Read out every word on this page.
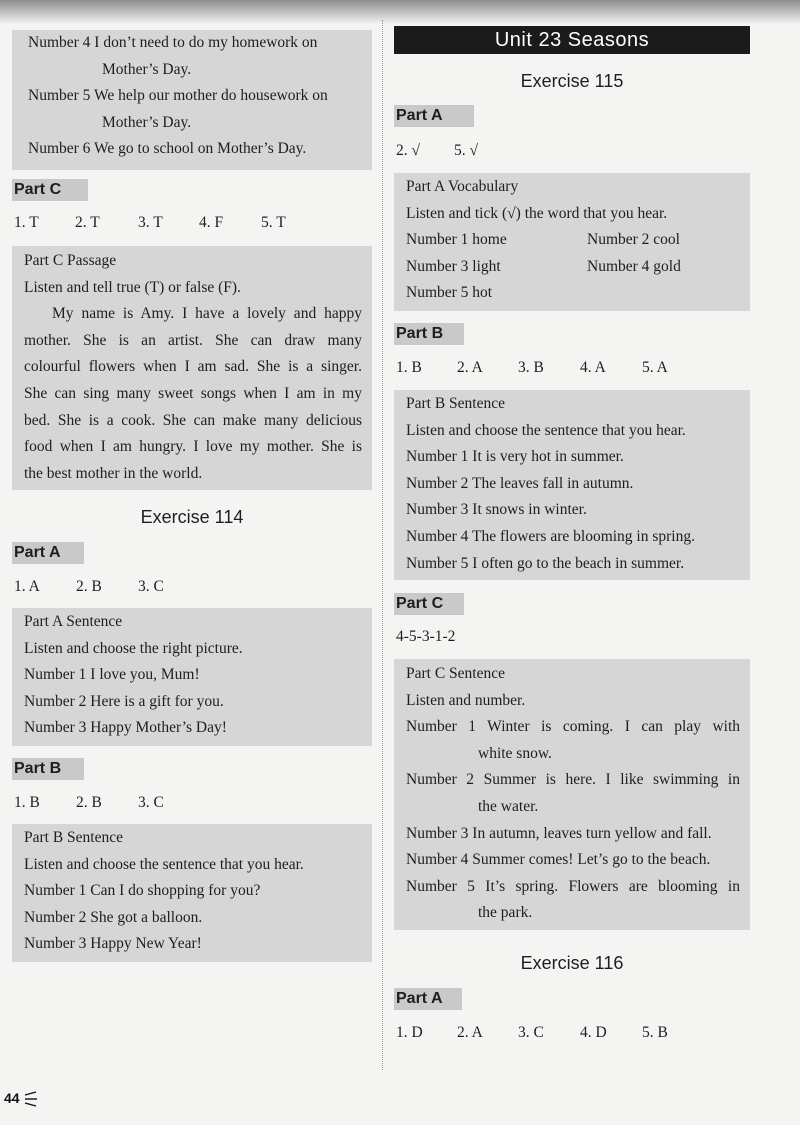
Number 4 I don’t need to do my homework on
Mother’s Day.
Number 5 We help our mother do housework on
Mother’s Day.
Number 6 We go to school on Mother’s Day.
Part C
1. T 2. T 3. T 4. F 5. T
Part C Passage
Listen and tell true (T) or false (F).
My name is Amy. I have a lovely and happy
mother. She is an artist. She can draw many
colourful flowers when I am sad. She is a singer.
She can sing many sweet songs when I am in my
bed. She is a cook. She can make many delicious
food when I am hungry. I love my mother. She is
the best mother in the world.
Exercise 114
Part A
1. A 2. B 3. C
Part A Sentence
Listen and choose the right picture.
Number 1 I love you, Mum!
Number 2 Here is a gift for you.
Number 3 Happy Mother’s Day!
Part B
1. B 2. B 3. C
Part B Sentence
Listen and choose the sentence that you hear.
Number 1 Can I do shopping for you?
Number 2 She got a balloon.
Number 3 Happy New Year!
Unit 23 Seasons
Exercise 115
Part A
2. √ 5. √
Part A Vocabulary
Listen and tick (√) the word that you hear.
Number 1 home	Number 2 cool
Number 3 light	Number 4 gold
Number 5 hot
Part B
1. B 2. A 3. B 4. A 5. A
Part B Sentence
Listen and choose the sentence that you hear.
Number 1 It is very hot in summer.
Number 2 The leaves fall in autumn.
Number 3 It snows in winter.
Number 4 The flowers are blooming in spring.
Number 5 I often go to the beach in summer.
Part C
4-5-3-1-2
Part C Sentence
Listen and number.
Number 1 Winter is coming. I can play with
white snow.
Number 2 Summer is here. I like swimming in
the water.
Number 3 In autumn, leaves turn yellow and fall.
Number 4 Summer comes! Let’s go to the beach.
Number 5 It’s spring. Flowers are blooming in
the park.
Exercise 116
Part A
1. D 2. A 3. C 4. D 5. B
44
